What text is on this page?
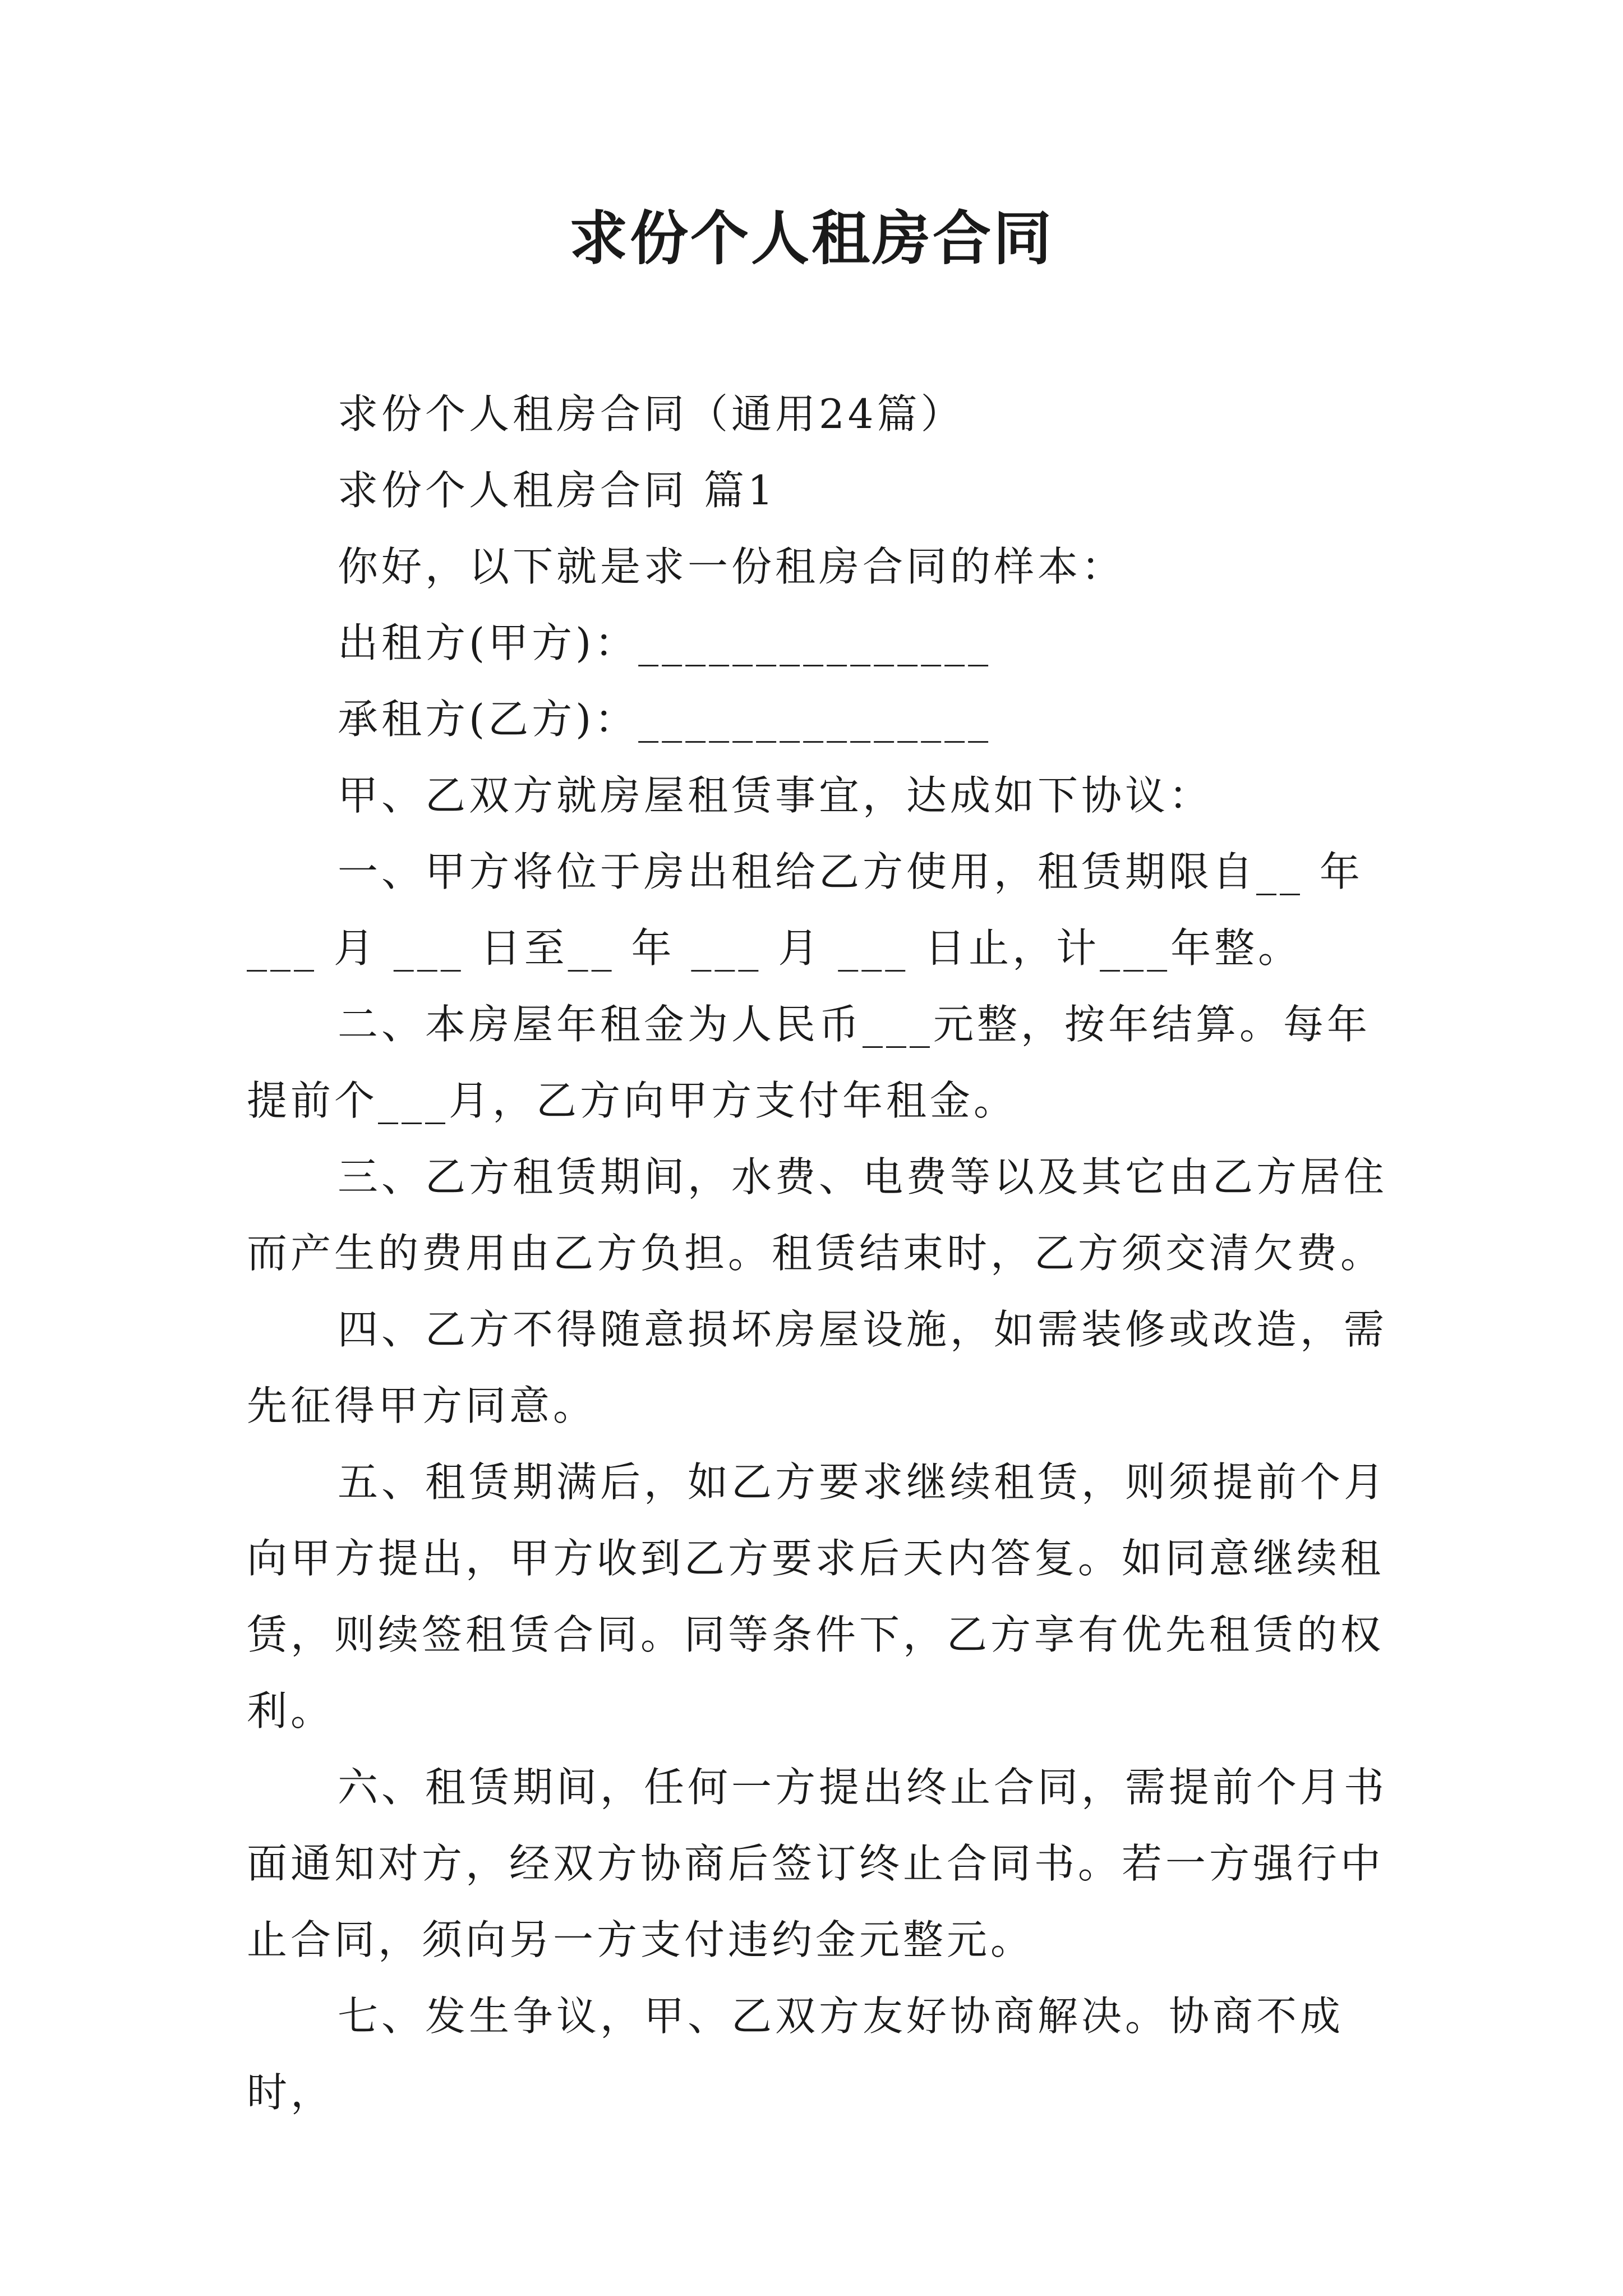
求份个人租房合同

求份个人租房合同（通用24篇）

求份个人租房合同 篇1

你好，以下就是求一份租房合同的样本：

出租方(甲方)：_______________

承租方(乙方)：_______________

甲、乙双方就房屋租赁事宜，达成如下协议：

一、甲方将位于房出租给乙方使用，租赁期限自__ 年 ___ 月 ___ 日至__ 年 ___ 月 ___ 日止，计___年整。

二、本房屋年租金为人民币___元整，按年结算。每年提前个___月，乙方向甲方支付年租金。

三、乙方租赁期间，水费、电费等以及其它由乙方居住而产生的费用由乙方负担。租赁结束时，乙方须交清欠费。

四、乙方不得随意损坏房屋设施，如需装修或改造，需先征得甲方同意。

五、租赁期满后，如乙方要求继续租赁，则须提前个月向甲方提出，甲方收到乙方要求后天内答复。如同意继续租赁，则续签租赁合同。同等条件下，乙方享有优先租赁的权利。

六、租赁期间，任何一方提出终止合同，需提前个月书面通知对方，经双方协商后签订终止合同书。若一方强行中止合同，须向另一方支付违约金元整元。

七、发生争议，甲、乙双方友好协商解决。协商不成时，
